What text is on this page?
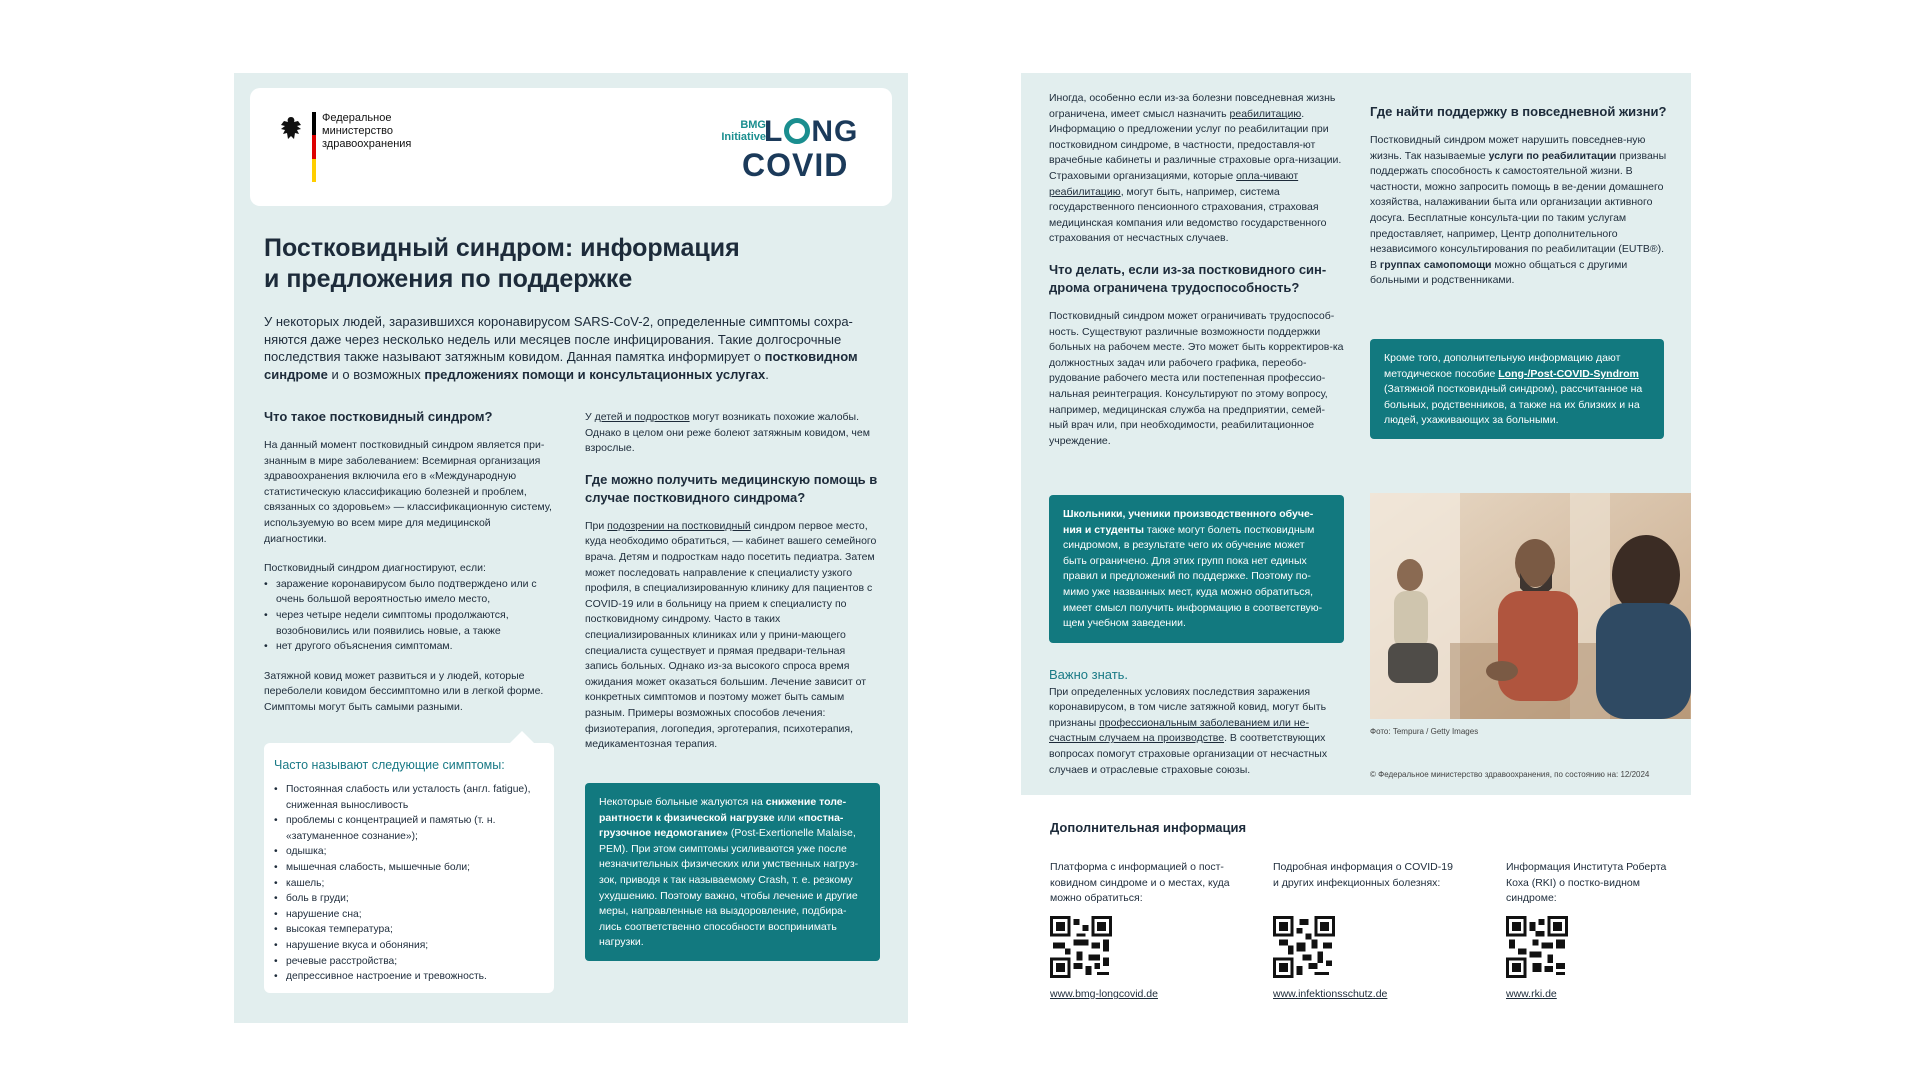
Федеральное
министерство
здравоохранения
BMG
Initiative
L NG
COVID
Постковидный синдром: информация
и предложения по поддержке

У некоторых людей, заразившихся коронавирусом SARS-CoV-2, определенные симптомы сохра-няются даже через несколько недель или месяцев после инфицирования. Такие долгосрочные последствия также называют затяжным ковидом. Данная памятка информирует о постковидном синдроме и о возможных предложениях помощи и консультационных услугах.

Что такое постковидный синдром?

На данный момент постковидный синдром является при-знанным в мире заболеванием: Всемирная организация здравоохранения включила его в «Международную статистическую классификацию болезней и проблем, связанных со здоровьем» — классификационную систему, используемую во всем мире для медицинской диагностики.

Постковидный синдром диагностируют, если:

• заражение коронавирусом было подтверждено или с очень большой вероятностью имело место,
• через четыре недели симптомы продолжаются, возобновились или появились новые, а также
• нет другого объяснения симптомам.

Затяжной ковид может развиться и у людей, которые переболели ковидом бессимптомно или в легкой форме. Симптомы могут быть самыми разными.

Часто называют следующие симптомы:
• Постоянная слабость или усталость (англ. fatigue), сниженная выносливость
• проблемы с концентрацией и памятью (т. н. «затуманенное сознание»);
• одышка;
• мышечная слабость, мышечные боли;
• кашель;
• боль в груди;
• нарушение сна;
• высокая температура;
• нарушение вкуса и обоняния;
• речевые расстройства;
• депрессивное настроение и тревожность.

У детей и подростков могут возникать похожие жалобы. Однако в целом они реже болеют затяжным ковидом, чем взрослые.

Где можно получить медицинскую помощь в случае постковидного синдрома?

При подозрении на постковидный синдром первое место, куда необходимо обратиться, — кабинет вашего семейного врача. Детям и подросткам надо посетить педиатра. Затем может последовать направление к специалисту узкого профиля, в специализированную клинику для пациентов с COVID-19 или в больницу на прием к специалисту по постковидному синдрому. Часто в таких специализированных клиниках или у прини-мающего специалиста существует и прямая предвари-тельная запись больных. Однако из-за высокого спроса время ожидания может оказаться большим. Лечение зависит от конкретных симптомов и поэтому может быть самым разным. Примеры возможных способов лечения: физиотерапия, логопедия, эрготерапия, психотерапия, медикаментозная терапия.

Некоторые больные жалуются на снижение толе-рантности к физической нагрузке или «постна-грузочное недомогание» (Post-Exertionelle Malaise, PEM). При этом симптомы усиливаются уже после незначительных физических или умственных нагруз-зок, приводя к так называемому Crash, т. е. резкому ухудшению. Поэтому важно, чтобы лечение и другие меры, направленные на выздоровление, подбира-лись соответственно способности воспринимать нагрузки.

Иногда, особенно если из-за болезни повседневная жизнь ограничена, имеет смысл назначить реабилитацию. Информацию о предложении услуг по реабилитации при постковидном синдроме, в частности, предоставля-ют врачебные кабинеты и различные страховые орга-низации. Страховыми организациями, которые опла-чивают реабилитацию, могут быть, например, система государственного пенсионного страхования, страховая медицинская компания или ведомство государственного страхования от несчастных случаев.

Что делать, если из-за постковидного син-дрома ограничена трудоспособность?

Постковидный синдром может ограничивать трудоспособ-ность. Существуют различные возможности поддержки больных на рабочем месте. Это может быть корректиров-ка должностных задач или рабочего графика, переобо-рудование рабочего места или постепенная профессио-нальная реинтеграция. Консультируют по этому вопросу, например, медицинская служба на предприятии, семей-ный врач или, при необходимости, реабилитационное учреждение.

Школьники, ученики производственного обуче-ния и студенты также могут болеть постковидным синдромом, в результате чего их обучение может быть ограничено. Для этих групп пока нет единых правил и предложений по поддержке. Поэтому по-мимо уже названных мест, куда можно обратиться, имеет смысл получить информацию в соответствую-щем учебном заведении.
Важно знать.

При определенных условиях последствия заражения коронавирусом, в том числе затяжной ковид, могут быть признаны профессиональным заболеванием или не-счастным случаем на производстве. В соответствующих вопросах помогут страховые организации от несчастных случаев и отраслевые страховые союзы.

Где найти поддержку в повседневной жизни?

Постковидный синдром может нарушить повседнев-ную жизнь. Так называемые услуги по реабилитации призваны поддержать способность к самостоятельной жизни. В частности, можно запросить помощь в ве-дении домашнего хозяйства, налаживании быта или организации активного досуга. Бесплатные консульта-ции по таким услугам предоставляет, например, Центр дополнительного независимого консультирования по реабилитации (EUTB®). В группах самопомощи можно общаться с другими больными и родственниками.

Кроме того, дополнительную информацию дают методическое пособие Long-/Post-COVID-Syndrom (Затяжной постковидный синдром), рассчитанное на больных, родственников, а также на их близких и на людей, ухаживающих за больными.
Фото: Tempura / Getty Images
© Федеральное министерство здравоохранения, по состоянию на: 12/2024
Дополнительная информация
Платформа с информацией о пост-ковидном синдроме и о местах, куда можно обратиться:
www.bmg-longcovid.de
Подробная информация о COVID-19 и других инфекционных болезнях:
www.infektionsschutz.de
Информация Института Роберта Коха (RKI) о постко-видном синдроме:
www.rki.de
